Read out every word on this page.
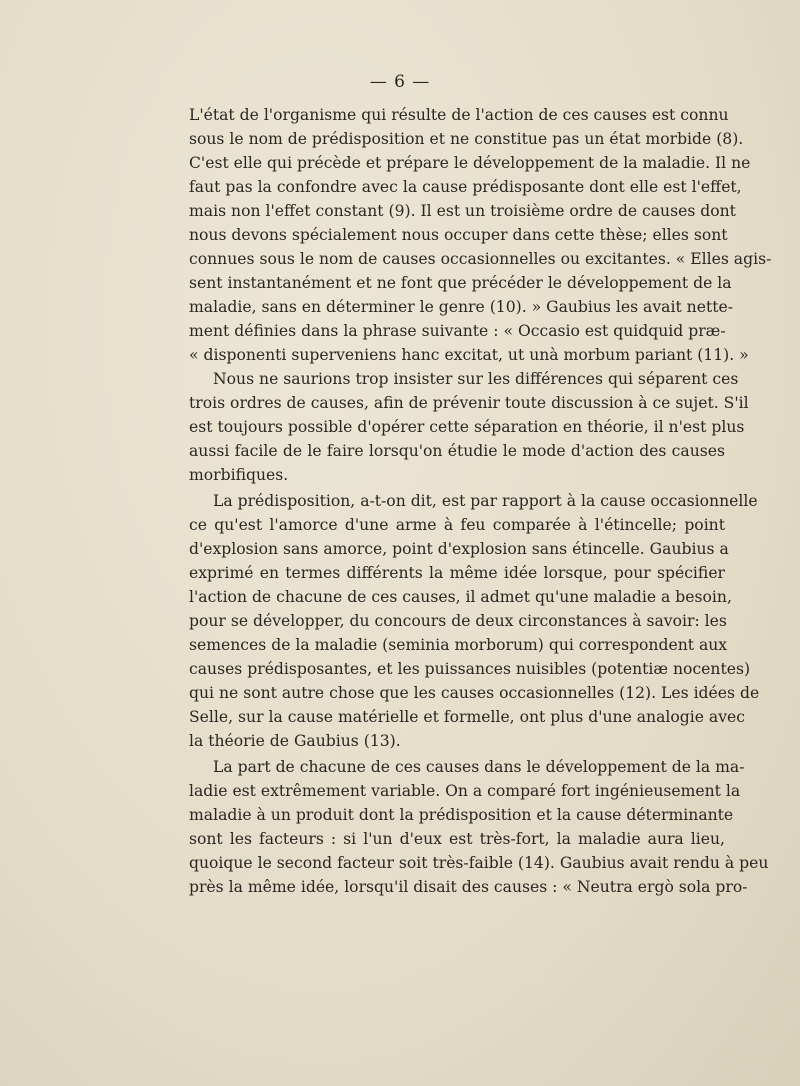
— 6 —
L'état de l'organisme qui résulte de l'action de ces causes est connu
sous le nom de prédisposition et ne constitue pas un état morbide (8).
C'est elle qui précède et prépare le développement de la maladie. Il ne
faut pas la confondre avec la cause prédisposante dont elle est l'effet,
mais non l'effet constant (9). Il est un troisième ordre de causes dont
nous devons spécialement nous occuper dans cette thèse; elles sont
connues sous le nom de causes occasionnelles ou excitantes. « Elles agis-
sent instantanément et ne font que précéder le développement de la
maladie, sans en déterminer le genre (10). » Gaubius les avait nette-
ment définies dans la phrase suivante : « Occasio est quidquid præ-
« disponenti superveniens hanc excitat, ut unà morbum pariant (11). »
Nous ne saurions trop insister sur les différences qui séparent ces
trois ordres de causes, afin de prévenir toute discussion à ce sujet. S'il
est toujours possible d'opérer cette séparation en théorie, il n'est plus
aussi facile de le faire lorsqu'on étudie le mode d'action des causes
morbifiques.
La prédisposition, a-t-on dit, est par rapport à la cause occasionnelle
ce qu'est l'amorce d'une arme à feu comparée à l'étincelle; point
d'explosion sans amorce, point d'explosion sans étincelle. Gaubius a
exprimé en termes différents la même idée lorsque, pour spécifier
l'action de chacune de ces causes, il admet qu'une maladie a besoin,
pour se développer, du concours de deux circonstances à savoir: les
semences de la maladie (seminia morborum) qui correspondent aux
causes prédisposantes, et les puissances nuisibles (potentiæ nocentes)
qui ne sont autre chose que les causes occasionnelles (12). Les idées de
Selle, sur la cause matérielle et formelle, ont plus d'une analogie avec
la théorie de Gaubius (13).
La part de chacune de ces causes dans le développement de la ma-
ladie est extrêmement variable. On a comparé fort ingénieusement la
maladie à un produit dont la prédisposition et la cause déterminante
sont les facteurs : si l'un d'eux est très-fort, la maladie aura lieu,
quoique le second facteur soit très-faible (14). Gaubius avait rendu à peu
près la même idée, lorsqu'il disait des causes : « Neutra ergò sola pro-
